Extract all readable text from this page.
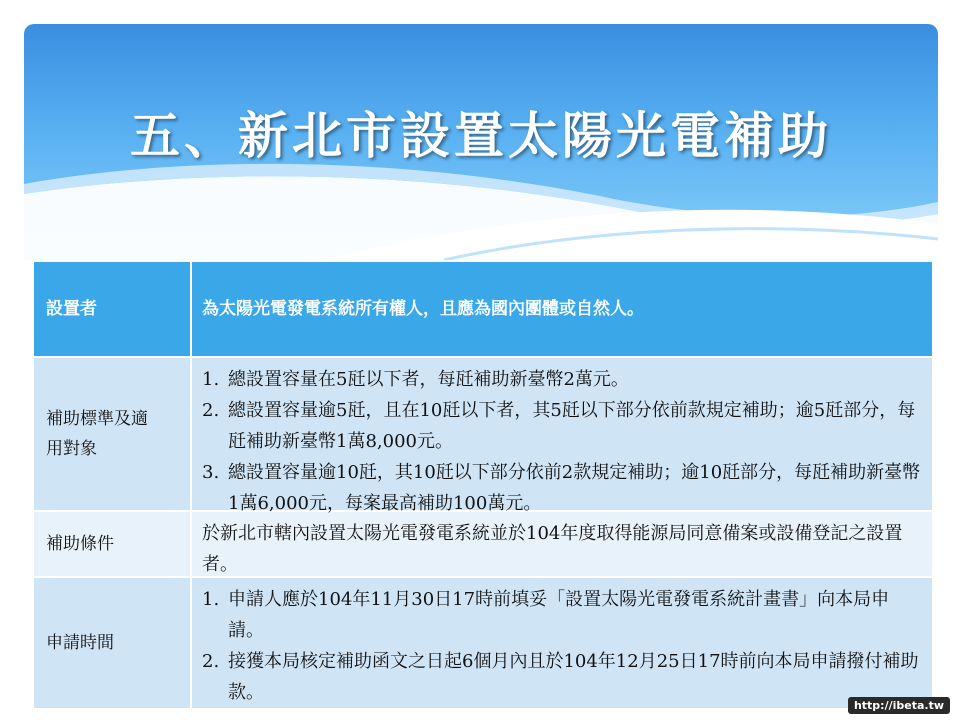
五、新北市設置太陽光電補助
設置者	為太陽光電發電系統所有權人，且應為國內團體或自然人。
補助標準及適用對象
1. 總設置容量在5瓩以下者，每瓩補助新臺幣2萬元。
2. 總設置容量逾5瓩，且在10瓩以下者，其5瓩以下部分依前款規定補助；逾5瓩部分，每瓩補助新臺幣1萬8,000元。
3. 總設置容量逾10瓩，其10瓩以下部分依前2款規定補助；逾10瓩部分，每瓩補助新臺幣1萬6,000元，每案最高補助100萬元。
補助條件	於新北市轄內設置太陽光電發電系統並於104年度取得能源局同意備案或設備登記之設置者。
申請時間
1. 申請人應於104年11月30日17時前填妥「設置太陽光電發電系統計畫書」向本局申請。
2. 接獲本局核定補助函文之日起6個月內且於104年12月25日17時前向本局申請撥付補助款。
http://ibeta.tw
